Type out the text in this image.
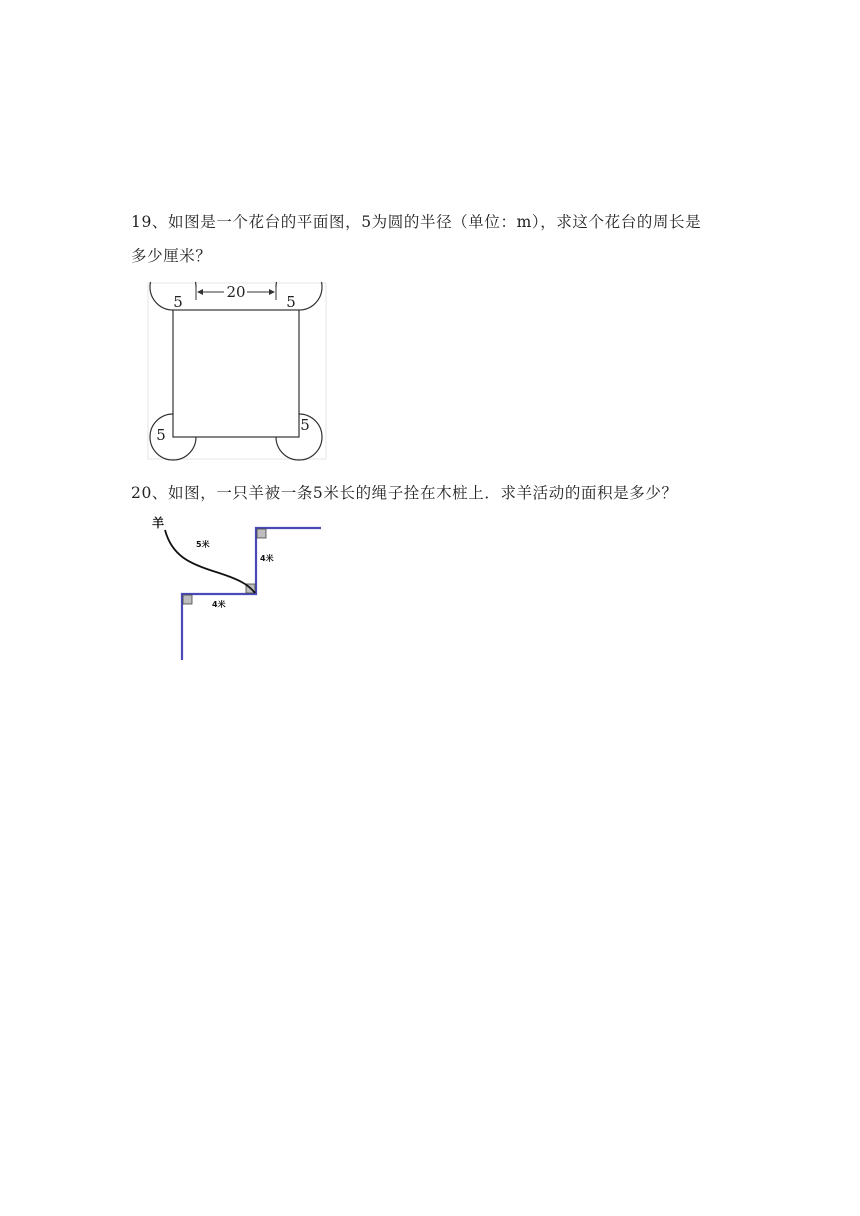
19、如图是一个花台的平面图，5为圆的半径（单位：m），求这个花台的周长是
多少厘米？
20
5	5
5
5
20、如图，一只羊被一条5米长的绳子拴在木桩上．求羊活动的面积是多少？
羊
5米
4米
4米
